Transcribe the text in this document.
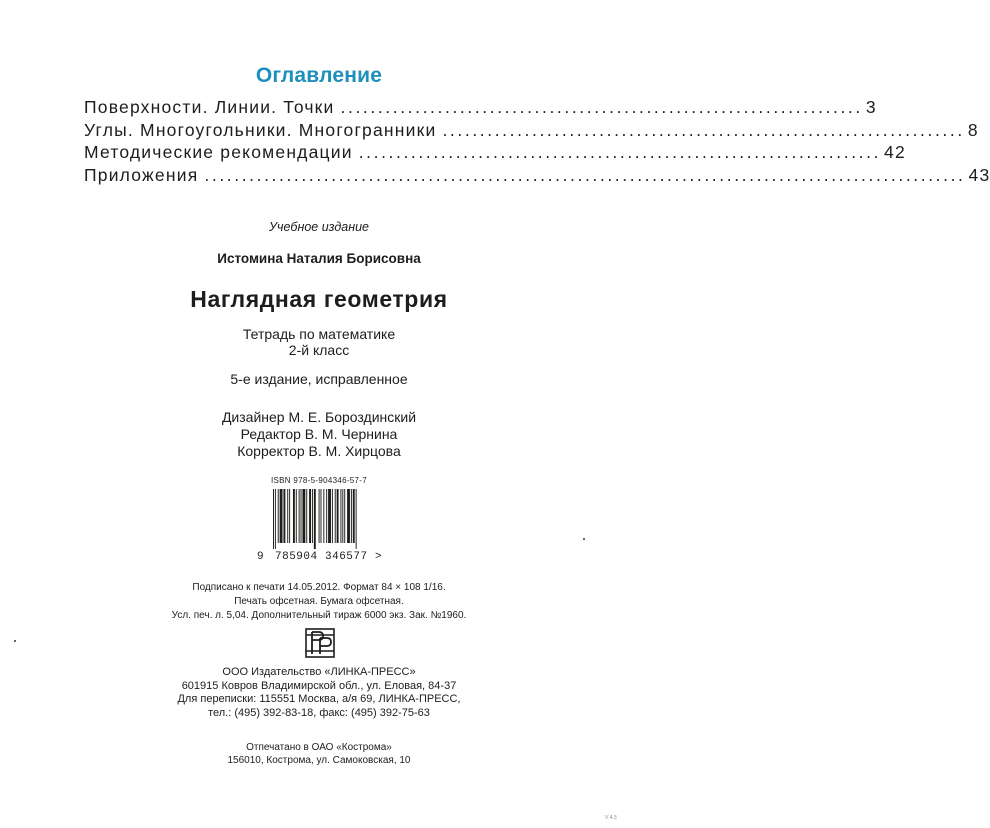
Оглавление
Поверхности. Линии. Точки ...................................................................... 3
Углы. Многоугольники. Многогранники ...................................................................... 8
Методические рекомендации ...................................................................... 42
Приложения ...................................................................................................... 43
Учебное издание
Истомина Наталия Борисовна
Наглядная геометрия
Тетрадь по математике
2-й класс
5-е издание, исправленное
Дизайнер М. Е. Бороздинский
Редактор В. М. Чернина
Корректор В. М. Хирцова
ISBN 978-5-904346-57-7
9 785904 346577 >
Подписано к печати 14.05.2012. Формат 84 × 108 1/16.
Печать офсетная. Бумага офсетная.
Усл. печ. л. 5,04. Дополнительный тираж 6000 экз. Зак. №1960.
ООО Издательство «ЛИНКА-ПРЕСС»
601915 Ковров Владимирской обл., ул. Еловая, 84-37
Для переписки: 115551 Москва, а/я 69, ЛИНКА-ПРЕСС,
тел.: (495) 392-83-18, факс: (495) 392-75-63
Отпечатано в ОАО «Кострома»
156010, Кострома, ул. Самоковская, 10
V 4.3
